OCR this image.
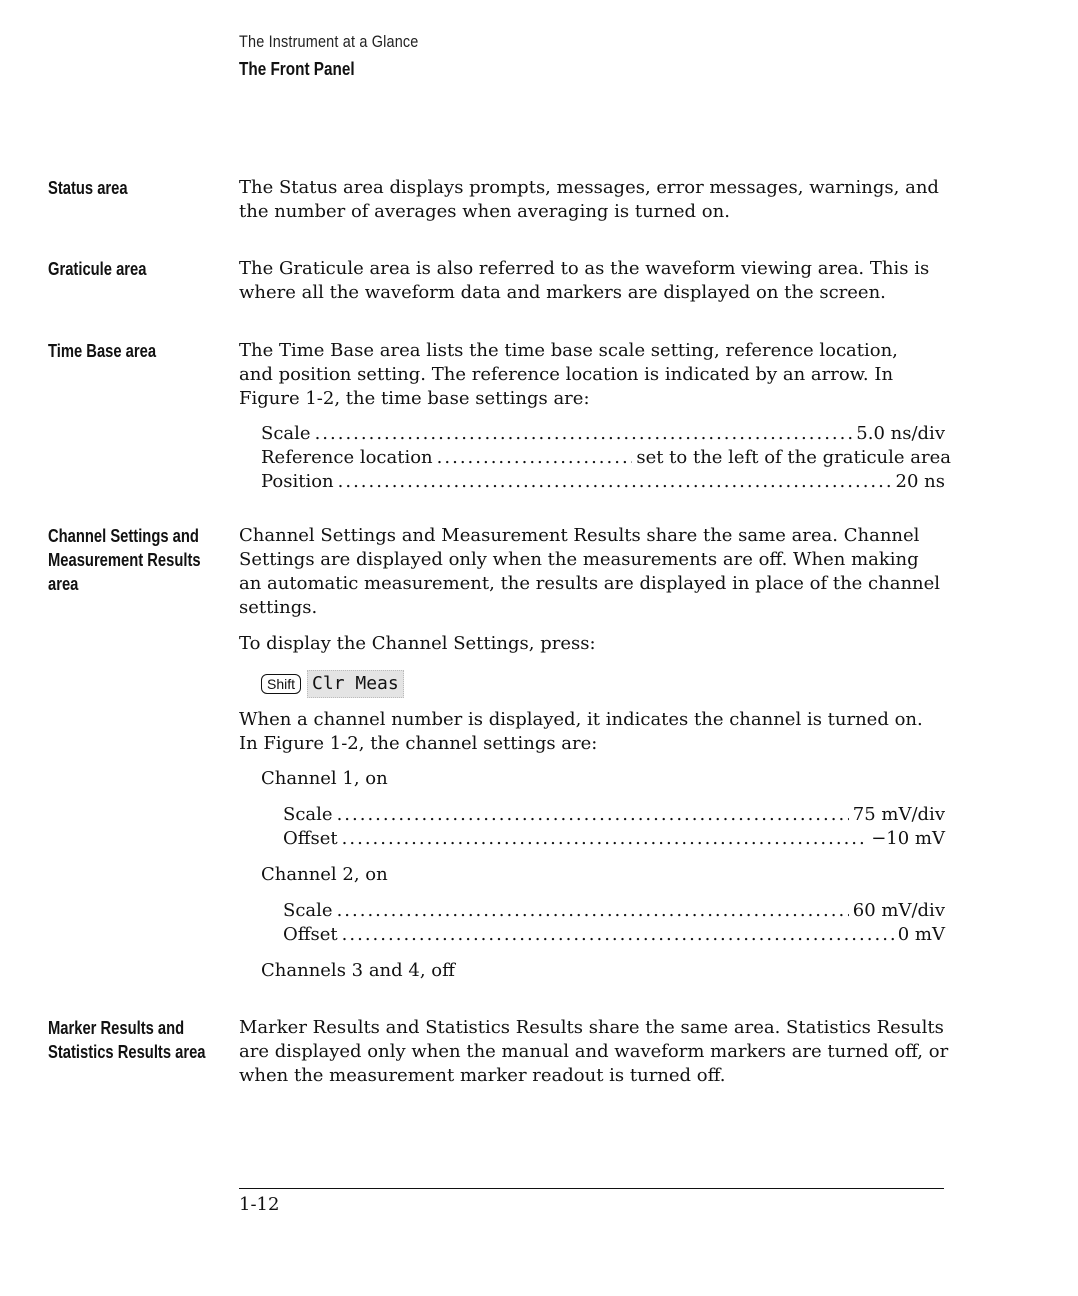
The Instrument at a Glance
The Front Panel
Status area	The Status area displays prompts, messages, error messages, warnings, and
the number of averages when averaging is turned on.
Graticule area	The Graticule area is also referred to as the waveform viewing area. This is
where all the waveform data and markers are displayed on the screen.
Time Base area	The Time Base area lists the time base scale setting, reference location,
and position setting. The reference location is indicated by an arrow. In
Figure 1-2, the time base settings are:
Scale .....	5.0 ns/div
Reference location .....	set to the left of the graticule area
Position .....	20 ns
Channel Settings and
Measurement Results
area
Channel Settings and Measurement Results share the same area. Channel
Settings are displayed only when the measurements are off. When making
an automatic measurement, the results are displayed in place of the channel
settings.
To display the Channel Settings, press:
Shift Clr Meas
When a channel number is displayed, it indicates the channel is turned on.
In Figure 1-2, the channel settings are:
Channel 1, on
Scale .....	75 mV/div
Offset .....	−10 mV
Channel 2, on
Scale .....	60 mV/div
Offset .....	0 mV
Channels 3 and 4, off
Marker Results and
Statistics Results area
Marker Results and Statistics Results share the same area. Statistics Results
are displayed only when the manual and waveform markers are turned off, or
when the measurement marker readout is turned off.
1-12
